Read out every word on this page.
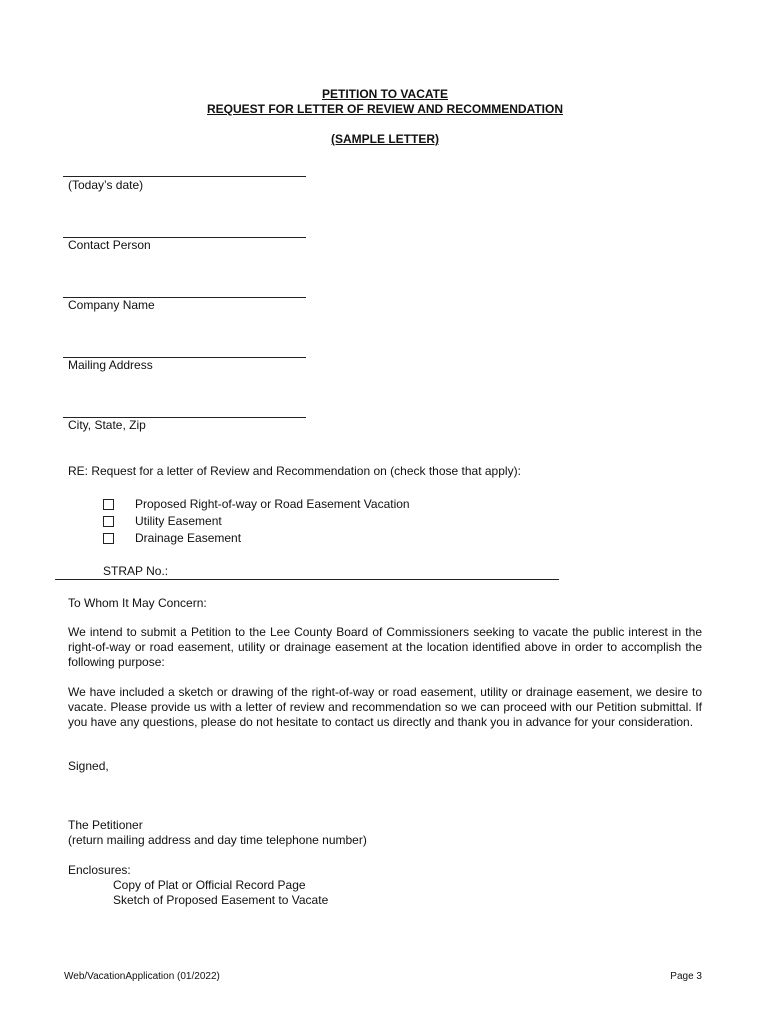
PETITION TO VACATE
REQUEST FOR LETTER OF REVIEW AND RECOMMENDATION
(SAMPLE LETTER)
(Today’s date)
Contact Person
Company Name
Mailing Address
City, State, Zip
RE: Request for a letter of Review and Recommendation on (check those that apply):
Proposed Right-of-way or Road Easement Vacation
Utility Easement
Drainage Easement
STRAP No.:
To Whom It May Concern:
We intend to submit a Petition to the Lee County Board of Commissioners seeking to vacate the public interest in the right-of-way or road easement, utility or drainage easement at the location identified above in order to accomplish the following purpose:
We have included a sketch or drawing of the right-of-way or road easement, utility or drainage easement, we desire to vacate. Please provide us with a letter of review and recommendation so we can proceed with our Petition submittal. If you have any questions, please do not hesitate to contact us directly and thank you in advance for your consideration.
Signed,
The Petitioner
(return mailing address and day time telephone number)
Enclosures:
Copy of Plat or Official Record Page
Sketch of Proposed Easement to Vacate
Web/VacationApplication (01/2022)	Page 3
